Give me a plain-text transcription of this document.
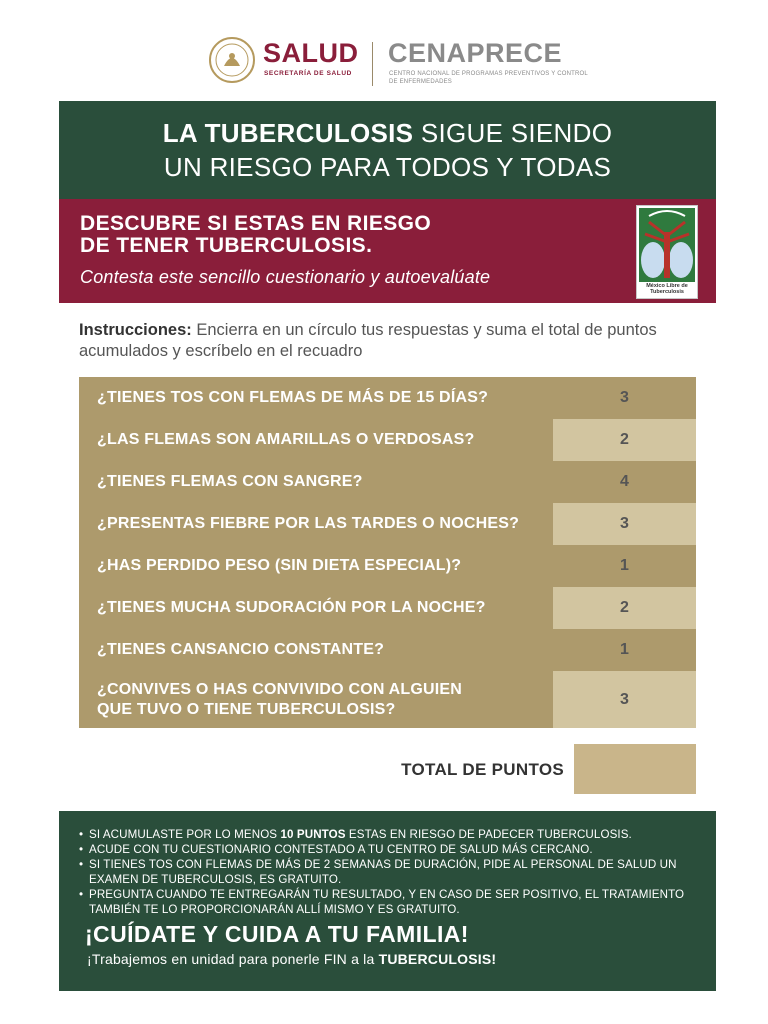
SALUD
SECRETARÍA DE SALUD
CENAPRECE
CENTRO NACIONAL DE PROGRAMAS PREVENTIVOS Y CONTROL DE ENFERMEDADES
LA TUBERCULOSIS SIGUE SIENDO
UN RIESGO PARA TODOS Y TODAS
DESCUBRE SI ESTAS EN RIESGO
DE TENER TUBERCULOSIS.
Contesta este sencillo cuestionario y autoevalúate	México Libre de
Tuberculosis
Instrucciones: Encierra en un círculo tus respuestas y suma el total de puntos acumulados y escríbelo en el recuadro
¿TIENES TOS CON FLEMAS DE MÁS DE 15 DÍAS?	3
¿LAS FLEMAS SON AMARILLAS O VERDOSAS?	2
¿TIENES FLEMAS CON SANGRE?	4
¿PRESENTAS FIEBRE POR LAS TARDES O NOCHES?	3
¿HAS PERDIDO PESO (SIN DIETA ESPECIAL)?	1
¿TIENES MUCHA SUDORACIÓN POR LA NOCHE?	2
¿TIENES CANSANCIO CONSTANTE?	1
¿CONVIVES O HAS CONVIVIDO CON ALGUIEN
QUE TUVO O TIENE TUBERCULOSIS?
3
TOTAL DE PUNTOS
• SI ACUMULASTE POR LO MENOS 10 PUNTOS ESTAS EN RIESGO DE PADECER TUBERCULOSIS.
• ACUDE CON TU CUESTIONARIO CONTESTADO A TU CENTRO DE SALUD MÁS CERCANO.
• SI TIENES TOS CON FLEMAS DE MÁS DE 2 SEMANAS DE DURACIÓN, PIDE AL PERSONAL DE SALUD UN EXAMEN DE TUBERCULOSIS, ES GRATUITO.
• PREGUNTA CUANDO TE ENTREGARÁN TU RESULTADO, Y EN CASO DE SER POSITIVO, EL TRATAMIENTO TAMBIÉN TE LO PROPORCIONARÁN ALLÍ MISMO Y ES GRATUITO.
¡CUÍDATE Y CUIDA A TU FAMILIA!
¡Trabajemos en unidad para ponerle FIN a la TUBERCULOSIS!
